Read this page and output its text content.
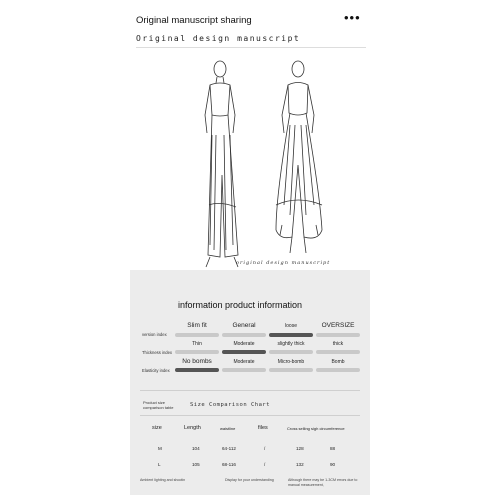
Original manuscript sharing	•••
Original design manuscript
original design manuscript
information product information
version index
Slim fit	General	loose	OVERSIZE
Thickness index
Thin	Moderate	slightly thick	thick
Elasticity index
No bombs	Moderate	Micro-bomb	Bomb
Product size comparison table	Size Comparison Chart
size	Length	waistline	files	Cross selling sigh circumference
M	104	64-112	/	128	88
L	105	68-116	/	132	90
Ambient lighting and shootin	Display for your understanding	Although there may be 1-3CM errors due to manual measurement,
